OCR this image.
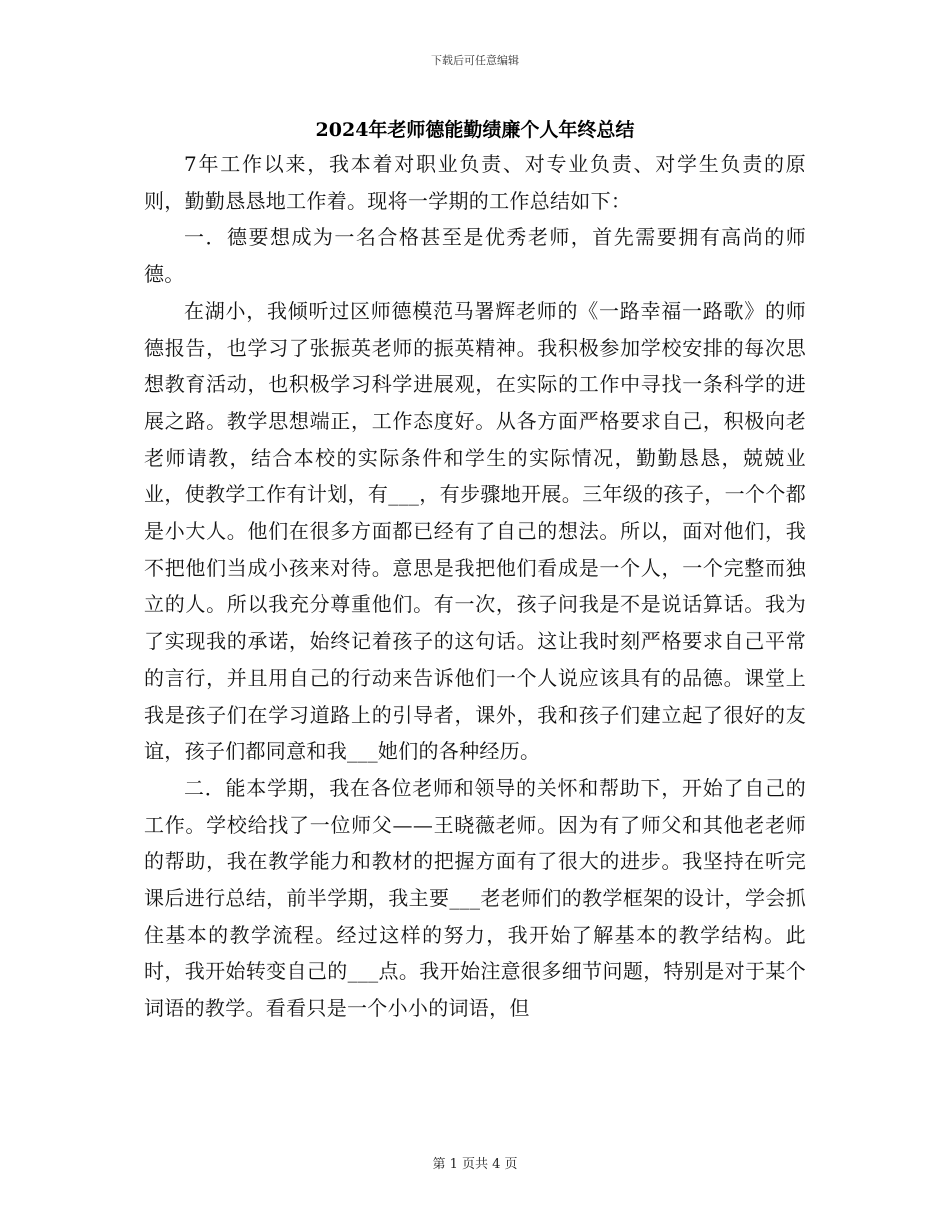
下载后可任意编辑
2024年老师德能勤绩廉个人年终总结

7年工作以来，我本着对职业负责、对专业负责、对学生负责的原则，勤勤恳恳地工作着。现将一学期的工作总结如下：

一．德要想成为一名合格甚至是优秀老师，首先需要拥有高尚的师德。

在湖小，我倾听过区师德模范马署辉老师的《一路幸福一路歌》的师德报告，也学习了张振英老师的振英精神。我积极参加学校安排的每次思想教育活动，也积极学习科学进展观，在实际的工作中寻找一条科学的进展之路。教学思想端正，工作态度好。从各方面严格要求自己，积极向老老师请教，结合本校的实际条件和学生的实际情况，勤勤恳恳，兢兢业业，使教学工作有计划，有___，有步骤地开展。三年级的孩子，一个个都是小大人。他们在很多方面都已经有了自己的想法。所以，面对他们，我不把他们当成小孩来对待。意思是我把他们看成是一个人，一个完整而独立的人。所以我充分尊重他们。有一次，孩子问我是不是说话算话。我为了实现我的承诺，始终记着孩子的这句话。这让我时刻严格要求自己平常的言行，并且用自己的行动来告诉他们一个人说应该具有的品德。课堂上我是孩子们在学习道路上的引导者，课外，我和孩子们建立起了很好的友谊，孩子们都同意和我___她们的各种经历。

二．能本学期，我在各位老师和领导的关怀和帮助下，开始了自己的工作。学校给找了一位师父——王晓薇老师。因为有了师父和其他老老师的帮助，我在教学能力和教材的把握方面有了很大的进步。我坚持在听完课后进行总结，前半学期，我主要___老老师们的教学框架的设计，学会抓住基本的教学流程。经过这样的努力，我开始了解基本的教学结构。此时，我开始转变自己的___点。我开始注意很多细节问题，特别是对于某个词语的教学。看看只是一个小小的词语，但

第 1 页共 4 页
